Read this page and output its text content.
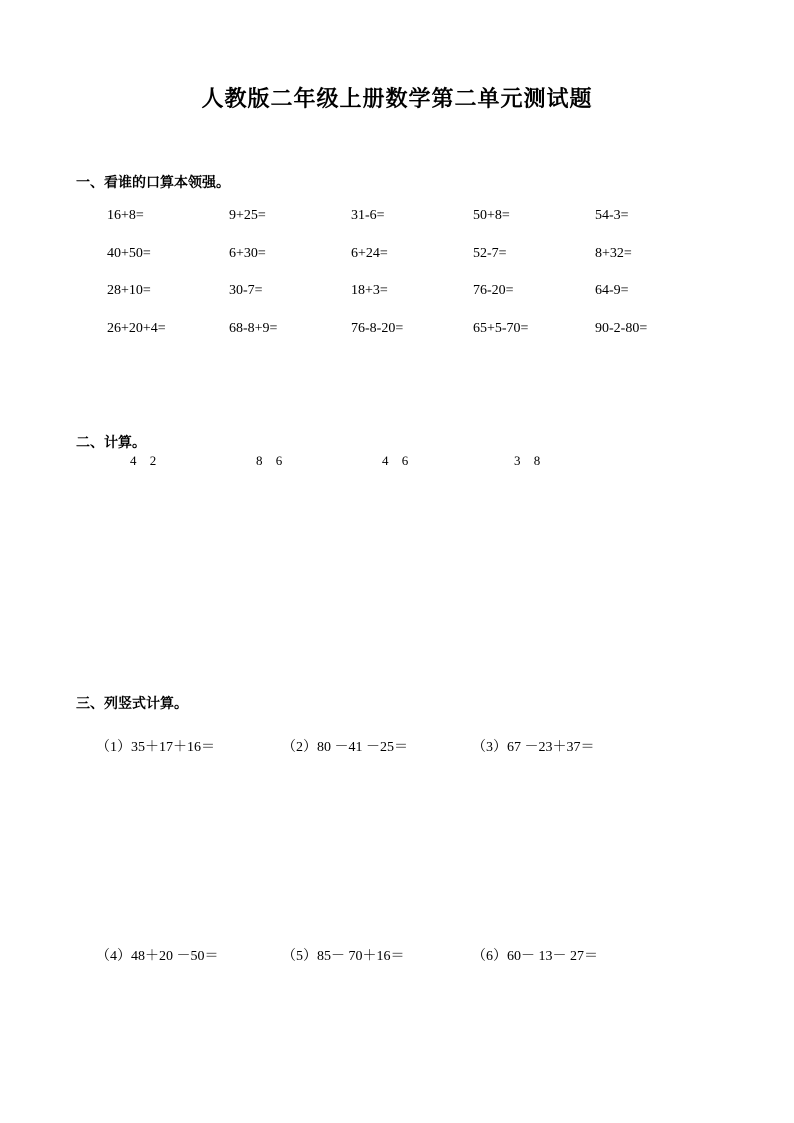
人教版二年级上册数学第二单元测试题
一、看谁的口算本领强。
16+8=	9+25=	31-6=	50+8=	54-3=
40+50=	6+30=	6+24=	52-7=	8+32=
28+10=	30-7=	18+3=	76-20=	64-9=
26+20+4=	68-8+9=	76-8-20=	65+5-70=	90-2-80=
二、计算。
4 2	8 6	4 6	3 8
三、列竖式计算。
（1）35＋17＋16＝	（2）80 －41 －25＝	（3）67 －23＋37＝
（4）48＋20 －50＝	（5）85－ 70＋16＝	（6）60－ 13－ 27＝
